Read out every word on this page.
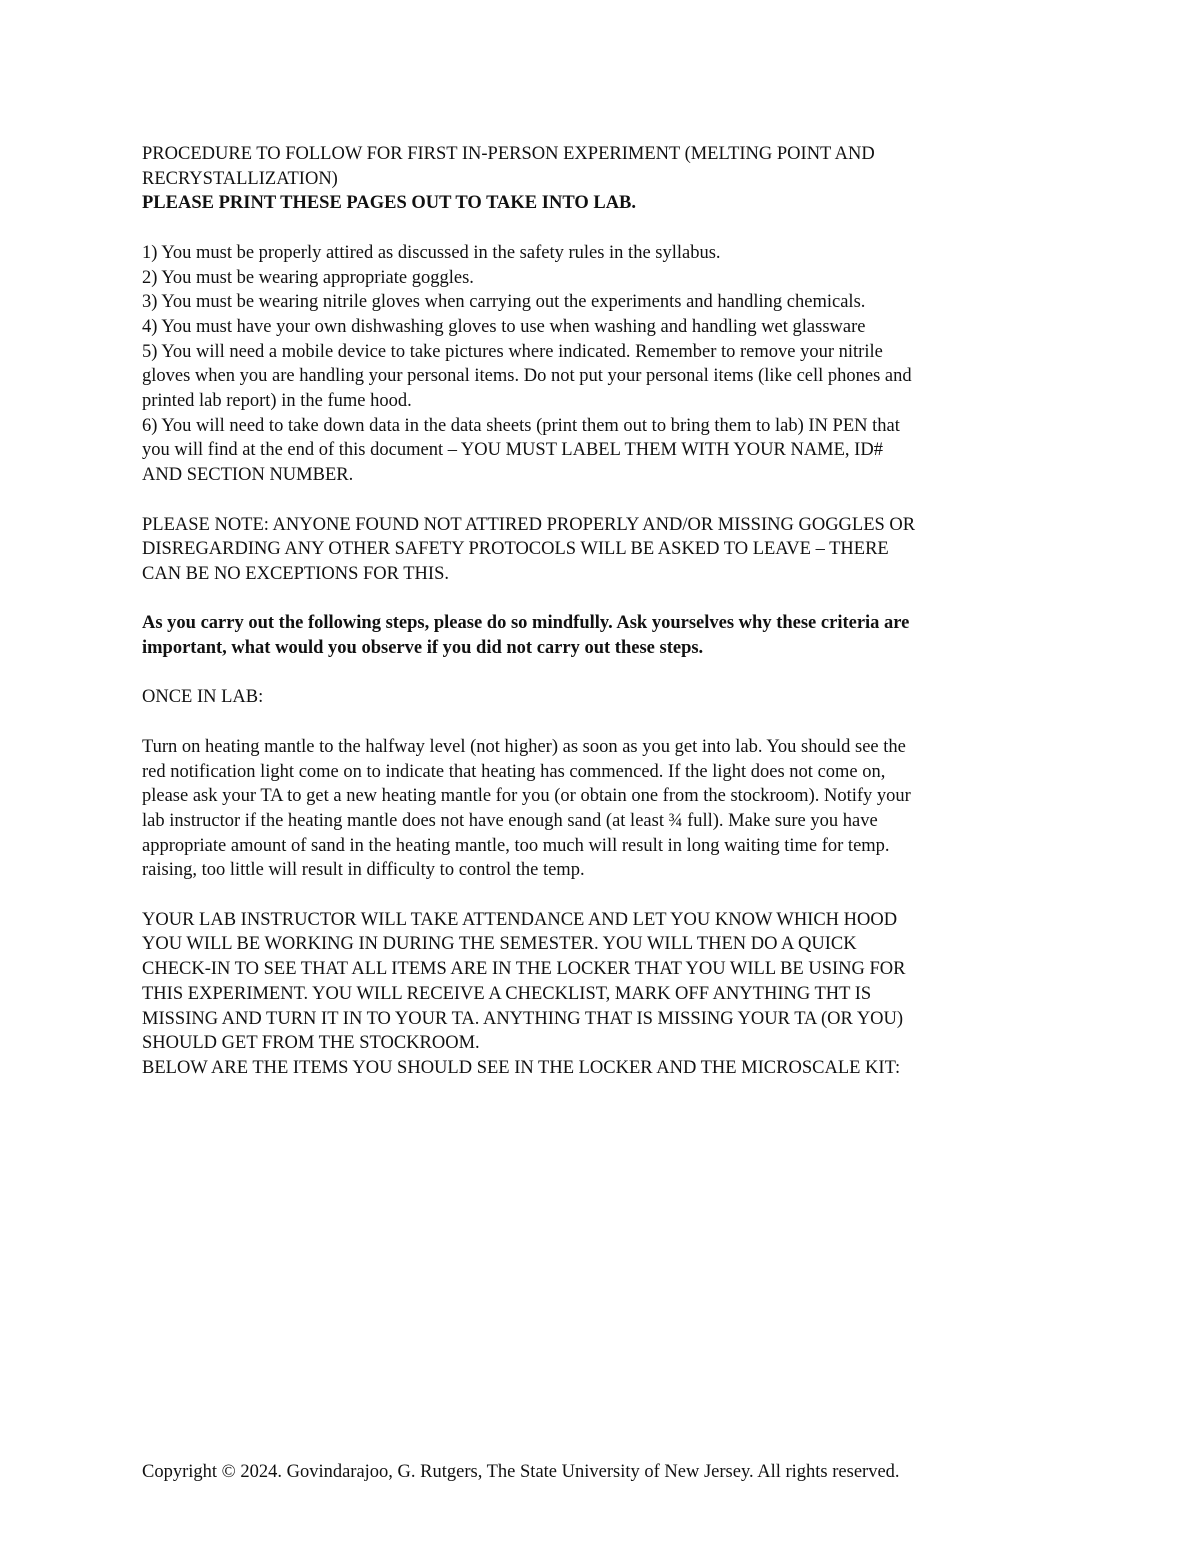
PROCEDURE TO FOLLOW FOR FIRST IN-PERSON EXPERIMENT (MELTING POINT AND
RECRYSTALLIZATION)
PLEASE PRINT THESE PAGES OUT TO TAKE INTO LAB.
1) You must be properly attired as discussed in the safety rules in the syllabus.
2) You must be wearing appropriate goggles.
3) You must be wearing nitrile gloves when carrying out the experiments and handling chemicals.
4) You must have your own dishwashing gloves to use when washing and handling wet glassware
5) You will need a mobile device to take pictures where indicated. Remember to remove your nitrile
gloves when you are handling your personal items. Do not put your personal items (like cell phones and
printed lab report) in the fume hood.
6) You will need to take down data in the data sheets (print them out to bring them to lab) IN PEN that
you will find at the end of this document – YOU MUST LABEL THEM WITH YOUR NAME, ID#
AND SECTION NUMBER.
PLEASE NOTE: ANYONE FOUND NOT ATTIRED PROPERLY AND/OR MISSING GOGGLES OR
DISREGARDING ANY OTHER SAFETY PROTOCOLS WILL BE ASKED TO LEAVE – THERE
CAN BE NO EXCEPTIONS FOR THIS.
As you carry out the following steps, please do so mindfully. Ask yourselves why these criteria are
important, what would you observe if you did not carry out these steps.
ONCE IN LAB:
Turn on heating mantle to the halfway level (not higher) as soon as you get into lab. You should see the
red notification light come on to indicate that heating has commenced. If the light does not come on,
please ask your TA to get a new heating mantle for you (or obtain one from the stockroom). Notify your
lab instructor if the heating mantle does not have enough sand (at least ¾ full). Make sure you have
appropriate amount of sand in the heating mantle, too much will result in long waiting time for temp.
raising, too little will result in difficulty to control the temp.
YOUR LAB INSTRUCTOR WILL TAKE ATTENDANCE AND LET YOU KNOW WHICH HOOD
YOU WILL BE WORKING IN DURING THE SEMESTER. YOU WILL THEN DO A QUICK
CHECK-IN TO SEE THAT ALL ITEMS ARE IN THE LOCKER THAT YOU WILL BE USING FOR
THIS EXPERIMENT. YOU WILL RECEIVE A CHECKLIST, MARK OFF ANYTHING THT IS
MISSING AND TURN IT IN TO YOUR TA. ANYTHING THAT IS MISSING YOUR TA (OR YOU)
SHOULD GET FROM THE STOCKROOM.
BELOW ARE THE ITEMS YOU SHOULD SEE IN THE LOCKER AND THE MICROSCALE KIT:
Copyright © 2024. Govindarajoo, G. Rutgers, The State University of New Jersey. All rights reserved.
